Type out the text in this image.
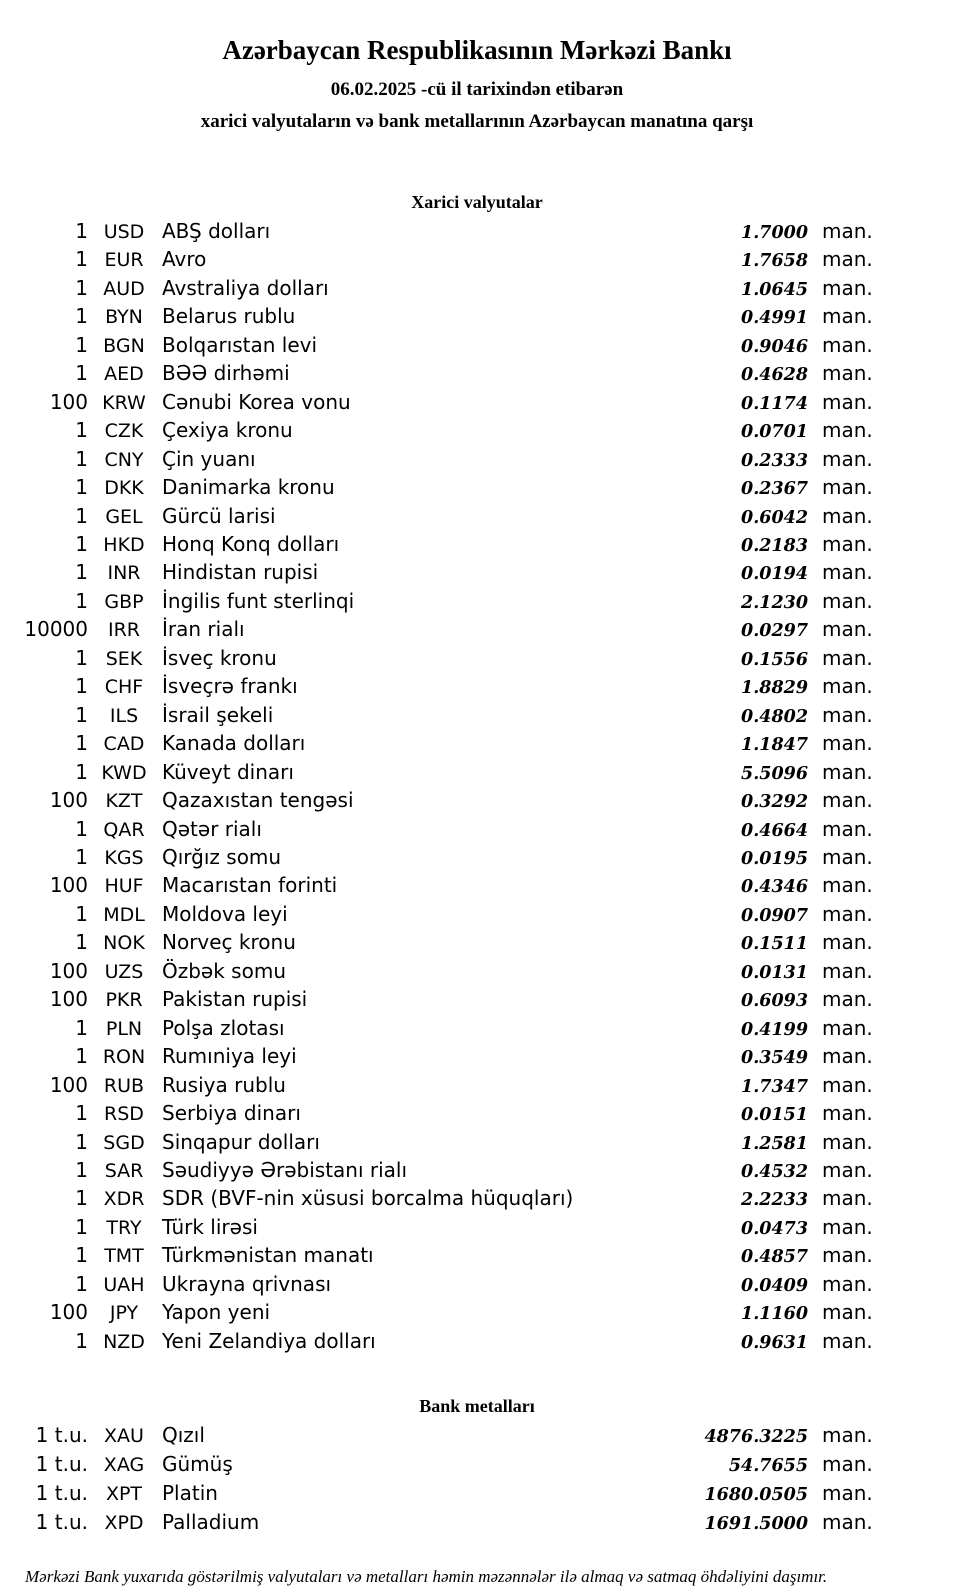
Azərbaycan Respublikasının Mərkəzi Bankı
06.02.2025 -cü il tarixindən etibarən
xarici valyutaların və bank metallarının Azərbaycan manatına qarşı
Xarici valyutalar
1 USD ABŞ dolları	1.7000 man.
1 EUR Avro	1.7658 man.
1 AUD Avstraliya dolları	1.0645 man.
1 BYN Belarus rublu	0.4991 man.
1 BGN Bolqarıstan levi	0.9046 man.
1 AED BƏƏ dirhəmi	0.4628 man.
100 KRW Cənubi Korea vonu	0.1174 man.
1 CZK Çexiya kronu	0.0701 man.
1 CNY Çin yuanı	0.2333 man.
1 DKK Danimarka kronu	0.2367 man.
1 GEL Gürcü larisi	0.6042 man.
1 HKD Honq Konq dolları	0.2183 man.
1	INR	Hindistan rupisi	0.0194 man.
1 GBP İngilis funt sterlinqi	2.1230 man.
10000	IRR	İran rialı	0.0297 man.
1 SEK İsveç kronu	0.1556 man.
1 CHF İsveçrə frankı	1.8829 man.
1	ILS	İsrail şekeli	0.4802 man.
1 CAD Kanada dolları	1.1847 man.
1 KWD Küveyt dinarı	5.5096 man.
100 KZT Qazaxıstan tengəsi	0.3292 man.
1 QAR Qətər rialı	0.4664 man.
1 KGS Qırğız somu	0.0195 man.
100 HUF Macarıstan forinti	0.4346 man.
1 MDL Moldova leyi	0.0907 man.
1 NOK Norveç kronu	0.1511 man.
100 UZS Özbək somu	0.0131 man.
100 PKR Pakistan rupisi	0.6093 man.
1 PLN Polşa zlotası	0.4199 man.
1 RON Rumıniya leyi	0.3549 man.
100 RUB Rusiya rublu	1.7347 man.
1 RSD Serbiya dinarı	0.0151 man.
1 SGD Sinqapur dolları	1.2581 man.
1 SAR Səudiyyə Ərəbistanı rialı	0.4532 man.
1 XDR SDR (BVF-nin xüsusi borcalma hüquqları)	2.2233 man.
1 TRY	Türk lirəsi	0.0473 man.
1 TMT Türkmənistan manatı	0.4857 man.
1 UAH Ukrayna qrivnası	0.0409 man.
100	JPY	Yapon yeni	1.1160 man.
1 NZD Yeni Zelandiya dolları	0.9631 man.
Bank metalları
1 t.u. XAU Qızıl	4876.3225 man.
1 t.u. XAG Gümüş	54.7655 man.
1 t.u. XPT Platin	1680.0505 man.
1 t.u. XPD Palladium	1691.5000 man.
Mərkəzi Bank yuxarıda göstərilmiş valyutaları və metalları həmin məzənnələr ilə almaq və satmaq öhdəliyini daşımır.
